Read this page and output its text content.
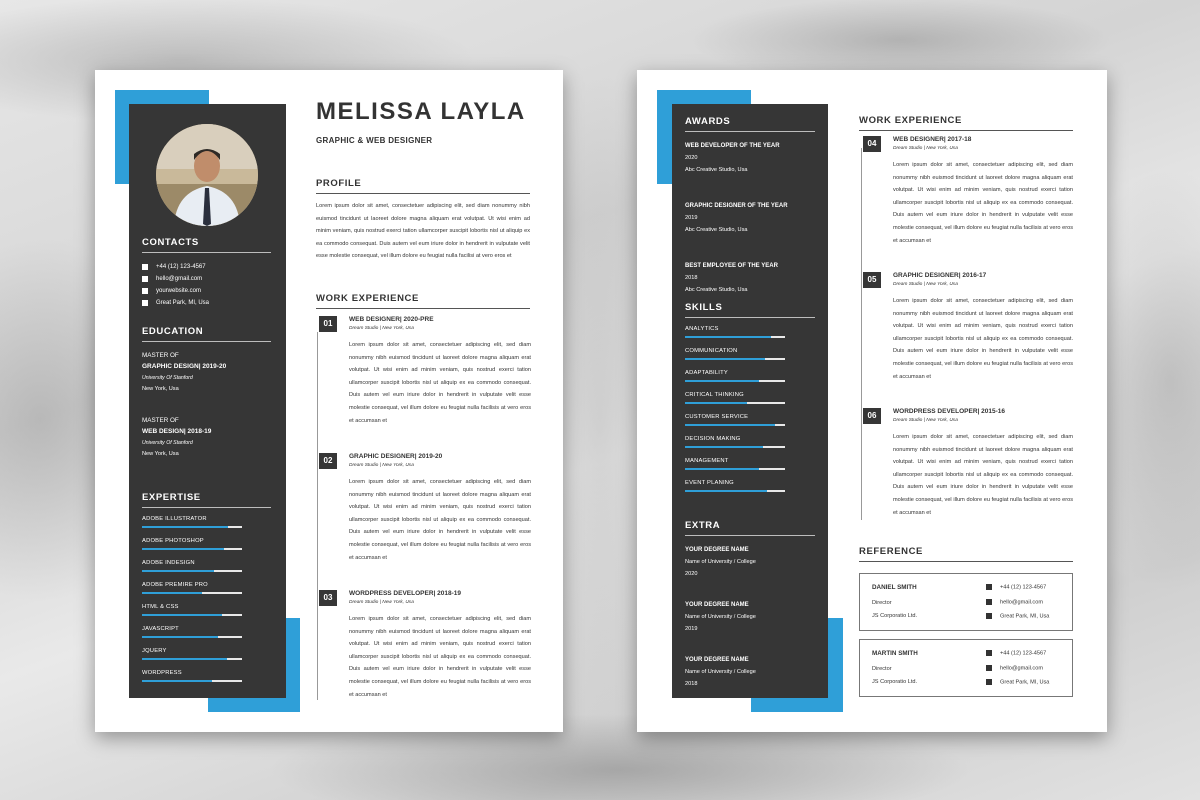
CONTACTS
+44 (12) 123-4567
hello@gmail.com
yourwebsite.com
Great Park, MI, Usa
EDUCATION
MASTER OF
GRAPHIC DESIGN| 2019-20
University Of Stanford
New York, Usa
MASTER OF
WEB DESIGN| 2018-19
University Of Stanford
New York, Usa
EXPERTISE
ADOBE ILLUSTRATOR
ADOBE PHOTOSHOP
ADOBE INDESIGN
ADOBE PREMIRE PRO
HTML & CSS
JAVASCRIPT
JQUERY
WORDPRESS
MELISSA LAYLA
GRAPHIC & WEB DESIGNER
PROFILE
Lorem ipsum dolor sit amet, consectetuer adipiscing elit, sed diam nonummy nibh euismod tincidunt ut laoreet dolore magna aliquam erat volutpat. Ut wisi enim ad minim veniam, quis nostrud exerci tation ullamcorper suscipit lobortis nisl ut aliquip ex ea commodo consequat. Duis autem vel eum iriure dolor in hendrerit in vulputate velit esse molestie consequat, vel illum dolore eu feugiat nulla facilisi at vero eros et
WORK EXPERIENCE
01	WEB DESIGNER| 2020-PRE
Dream Studio | New York, Usa
Lorem ipsum dolor sit amet, consectetuer adipiscing elit, sed diam nonummy nibh euismod tincidunt ut laoreet dolore magna aliquam erat volutpat. Ut wisi enim ad minim veniam, quis nostrud exerci tation ullamcorper suscipit lobortis nisl ut aliquip ex ea commodo consequat. Duis autem vel eum iriure dolor in hendrerit in vulputate velit esse molestie consequat, vel illum dolore eu feugiat nulla facilisis at vero eros et accumsan et
02	GRAPHIC DESIGNER| 2019-20
Dream Studio | New York, Usa
Lorem ipsum dolor sit amet, consectetuer adipiscing elit, sed diam nonummy nibh euismod tincidunt ut laoreet dolore magna aliquam erat volutpat. Ut wisi enim ad minim veniam, quis nostrud exerci tation ullamcorper suscipit lobortis nisl ut aliquip ex ea commodo consequat. Duis autem vel eum iriure dolor in hendrerit in vulputate velit esse molestie consequat, vel illum dolore eu feugiat nulla facilisis at vero eros et accumsan et
03	WORDPRESS DEVELOPER| 2018-19
Dream Studio | New York, Usa
Lorem ipsum dolor sit amet, consectetuer adipiscing elit, sed diam nonummy nibh euismod tincidunt ut laoreet dolore magna aliquam erat volutpat. Ut wisi enim ad minim veniam, quis nostrud exerci tation ullamcorper suscipit lobortis nisl ut aliquip ex ea commodo consequat. Duis autem vel eum iriure dolor in hendrerit in vulputate velit esse molestie consequat, vel illum dolore eu feugiat nulla facilisis at vero eros et accumsan et
AWARDS
WEB DEVELOPER OF THE YEAR
2020
Abc Creative Studio, Usa
GRAPHIC DESIGNER OF THE YEAR
2019
Abc Creative Studio, Usa
BEST EMPLOYEE OF THE YEAR
2018
Abc Creative Studio, Usa
SKILLS
ANALYTICS
COMMUNICATION
ADAPTABILITY
CRITICAL THINKING
CUSTOMER SERVICE
DECISION MAKING
MANAGEMENT
EVENT PLANING
EXTRA
YOUR DEGREE NAME
Name of University / College
2020
YOUR DEGREE NAME
Name of University / College
2019
YOUR DEGREE NAME
Name of University / College
2018
WORK EXPERIENCE
04	WEB DESIGNER| 2017-18
Dream Studio | New York, Usa
Lorem ipsum dolor sit amet, consectetuer adipiscing elit, sed diam nonummy nibh euismod tincidunt ut laoreet dolore magna aliquam erat volutpat. Ut wisi enim ad minim veniam, quis nostrud exerci tation ullamcorper suscipit lobortis nisl ut aliquip ex ea commodo consequat. Duis autem vel eum iriure dolor in hendrerit in vulputate velit esse molestie consequat, vel illum dolore eu feugiat nulla facilisis at vero eros et accumsan et
05	GRAPHIC DESIGNER| 2016-17
Dream Studio | New York, Usa
Lorem ipsum dolor sit amet, consectetuer adipiscing elit, sed diam nonummy nibh euismod tincidunt ut laoreet dolore magna aliquam erat volutpat. Ut wisi enim ad minim veniam, quis nostrud exerci tation ullamcorper suscipit lobortis nisl ut aliquip ex ea commodo consequat. Duis autem vel eum iriure dolor in hendrerit in vulputate velit esse molestie consequat, vel illum dolore eu feugiat nulla facilisis at vero eros et accumsan et
06	WORDPRESS DEVELOPER| 2015-16
Dream Studio | New York, Usa
Lorem ipsum dolor sit amet, consectetuer adipiscing elit, sed diam nonummy nibh euismod tincidunt ut laoreet dolore magna aliquam erat volutpat. Ut wisi enim ad minim veniam, quis nostrud exerci tation ullamcorper suscipit lobortis nisl ut aliquip ex ea commodo consequat. Duis autem vel eum iriure dolor in hendrerit in vulputate velit esse molestie consequat, vel illum dolore eu feugiat nulla facilisis at vero eros et accumsan et
REFERENCE
DANIEL SMITH
Director
JS Corporatio Ltd.
+44 (12) 123-4567
hello@gmail.com
Great Park, MI, Usa
MARTIN SMITH
Director
JS Corporatio Ltd.
+44 (12) 123-4567
hello@gmail.com
Great Park, MI, Usa
